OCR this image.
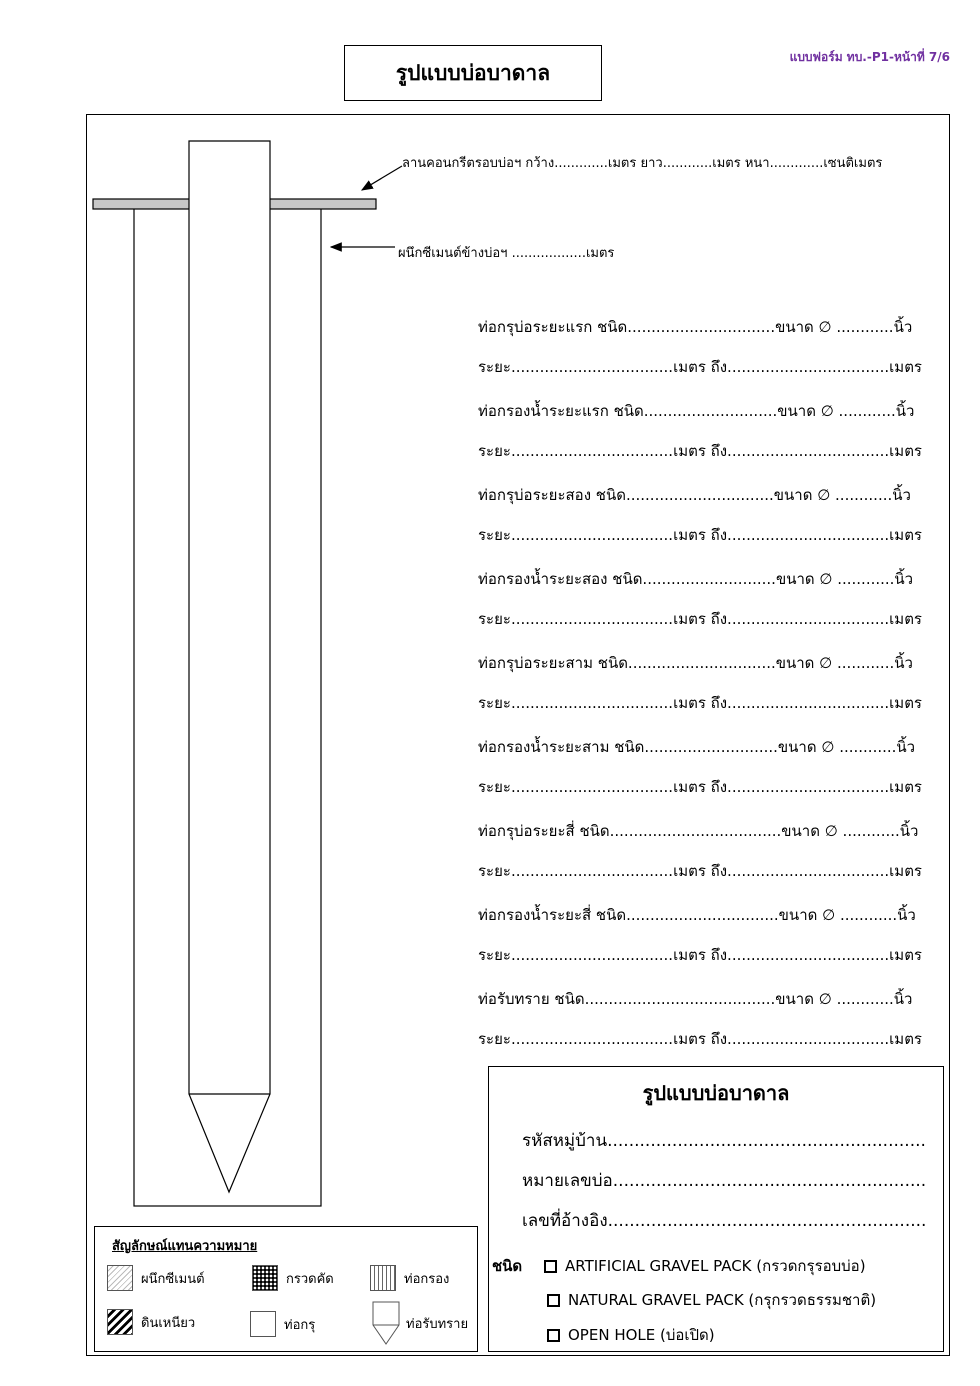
รูปแบบบ่อบาดาล
แบบฟอร์ม ทบ.-P1-หน้าที่ 7/6
ลานคอนกรีตรอบบ่อฯ กว้าง.............เมตร ยาว............เมตร หนา.............เซนติเมตร
ผนึกซีเมนต์ข้างบ่อฯ ..................เมตร
ท่อกรุบ่อระยะแรก ชนิด...............................ขนาด ∅ ............นิ้ว
ระยะ..................................เมตร ถึง..................................เมตร
ท่อกรองน้ำระยะแรก ชนิด............................ขนาด ∅ ............นิ้ว
ระยะ..................................เมตร ถึง..................................เมตร
ท่อกรุบ่อระยะสอง ชนิด...............................ขนาด ∅ ............นิ้ว
ระยะ..................................เมตร ถึง..................................เมตร
ท่อกรองน้ำระยะสอง ชนิด............................ขนาด ∅ ............นิ้ว
ระยะ..................................เมตร ถึง..................................เมตร
ท่อกรุบ่อระยะสาม ชนิด...............................ขนาด ∅ ............นิ้ว
ระยะ..................................เมตร ถึง..................................เมตร
ท่อกรองน้ำระยะสาม ชนิด............................ขนาด ∅ ............นิ้ว
ระยะ..................................เมตร ถึง..................................เมตร
ท่อกรุบ่อระยะสี่ ชนิด....................................ขนาด ∅ ............นิ้ว
ระยะ..................................เมตร ถึง..................................เมตร
ท่อกรองน้ำระยะสี่ ชนิด................................ขนาด ∅ ............นิ้ว
ระยะ..................................เมตร ถึง..................................เมตร
ท่อรับทราย ชนิด........................................ขนาด ∅ ............นิ้ว
ระยะ..................................เมตร ถึง..................................เมตร
รูปแบบบ่อบาดาล
รหัสหมู่บ้าน...........................................................
หมายเลขบ่อ..........................................................
เลขที่อ้างอิง...........................................................
ชนิด	ARTIFICIAL GRAVEL PACK (กรวดกรุรอบบ่อ)
NATURAL GRAVEL PACK (กรุกรวดธรรมชาติ)
OPEN HOLE (บ่อเปิด)
สัญลักษณ์แทนความหมาย
ผนึกซีเมนต์	กรวดคัด	ท่อกรอง
ดินเหนียว	ท่อกรุ	ท่อรับทราย
